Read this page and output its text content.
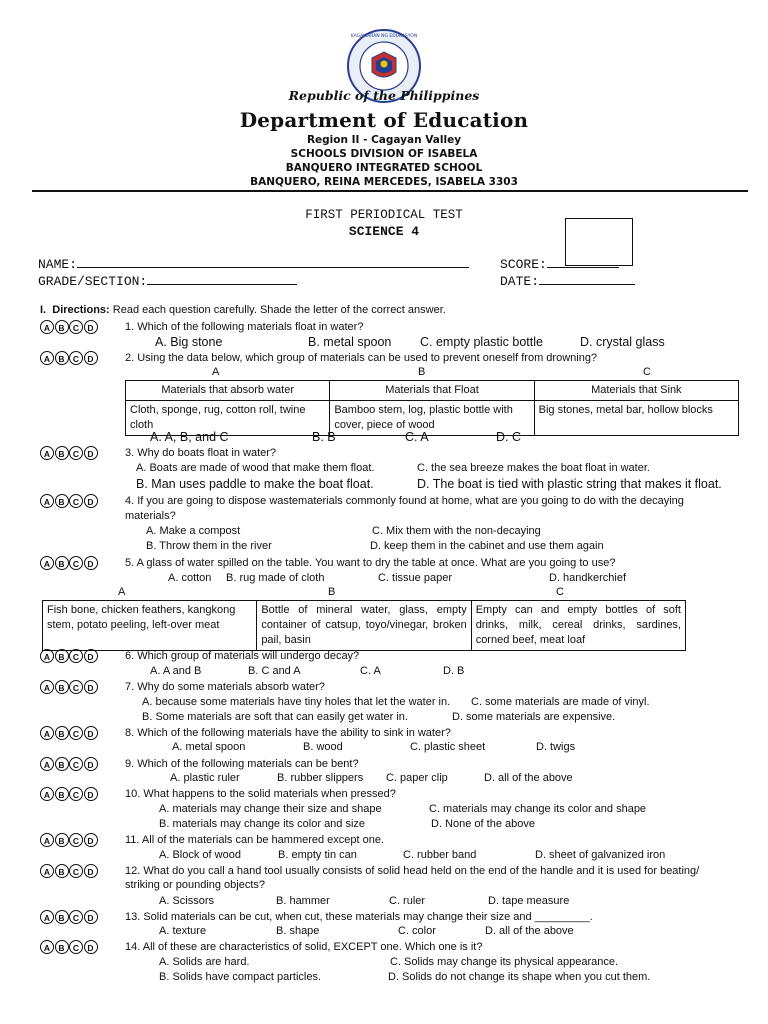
KAGAWARAN NG EDUKASYON
Republic of the Philippines
Department of Education
Region II - Cagayan Valley
SCHOOLS DIVISION OF ISABELA
BANQUERO INTEGRATED SCHOOL
BANQUERO, REINA MERCEDES, ISABELA 3303
FIRST PERIODICAL TEST
SCIENCE 4
NAME:	SCORE:
GRADE/SECTION:	DATE:
I. Directions: Read each question carefully. Shade the letter of the correct answer.
A B C D	1. Which of the following materials float in water?
A. Big stone	B. metal spoon C. empty plastic bottle	D. crystal glass
A B C D	2. Using the data below, which group of materials can be used to prevent oneself from drowning?
A	B	C
Materials that absorb water	Materials that Float	Materials that Sink
Cloth, sponge, rug, cotton roll, twine cloth	Bamboo stem, log, plastic bottle with cover, piece of wood	Big stones, metal bar, hollow blocks
A. A, B, and C	B. B	C. A	D. C
A B C D	3. Why do boats float in water?
A. Boats are made of wood that make them float.	C. the sea breeze makes the boat float in water.
B. Man uses paddle to make the boat float.	D. The boat is tied with plastic string that makes it float.
A B C D	4. If you are going to dispose wastematerials commonly found at home, what are you going to do with the decaying
materials?
A. Make a compost	C. Mix them with the non-decaying
B. Throw them in the river	D. keep them in the cabinet and use them again
A B C D	5. A glass of water spilled on the table. You want to dry the table at once. What are you going to use?
A. cotton B. rug made of cloth	C. tissue paper	D. handkerchief
A	B	C
Fish bone, chicken feathers, kangkong stem, potato peeling, left-over meat	Bottle of mineral water, glass, empty container of catsup, toyo/vinegar, broken pail, basin	Empty can and empty bottles of soft drinks, milk, cereal drinks, sardines, corned beef, meat loaf
A B C D	6. Which group of materials will undergo decay?
A. A and B	B. C and A	C. A	D. B
A B C D	7. Why do some materials absorb water?
A. because some materials have tiny holes that let the water in. C. some materials are made of vinyl.
B. Some materials are soft that can easily get water in.	D. some materials are expensive.
A B C D	8. Which of the following materials have the ability to sink in water?
A. metal spoon	B. wood	C. plastic sheet	D. twigs
A B C D	9. Which of the following materials can be bent?
A. plastic ruler	B. rubber slippers C. paper clip	D. all of the above
A B C D	10. What happens to the solid materials when pressed?
A. materials may change their size and shape	C. materials may change its color and shape
B. materials may change its color and size	D. None of the above
A B C D	11. All of the materials can be hammered except one.
A. Block of wood	B. empty tin can	C. rubber band	D. sheet of galvanized iron
A B C D	12. What do you call a hand tool usually consists of solid head held on the end of the handle and it is used for beating/
striking or pounding objects?
A. Scissors	B. hammer	C. ruler	D. tape measure
A B C D	13. Solid materials can be cut, when cut, these materials may change their size and _________.
A. texture	B. shape	C. color	D. all of the above
A B C D	14. All of these are characteristics of solid, EXCEPT one. Which one is it?
A. Solids are hard.	C. Solids may change its physical appearance.
B. Solids have compact particles.	D. Solids do not change its shape when you cut them.
